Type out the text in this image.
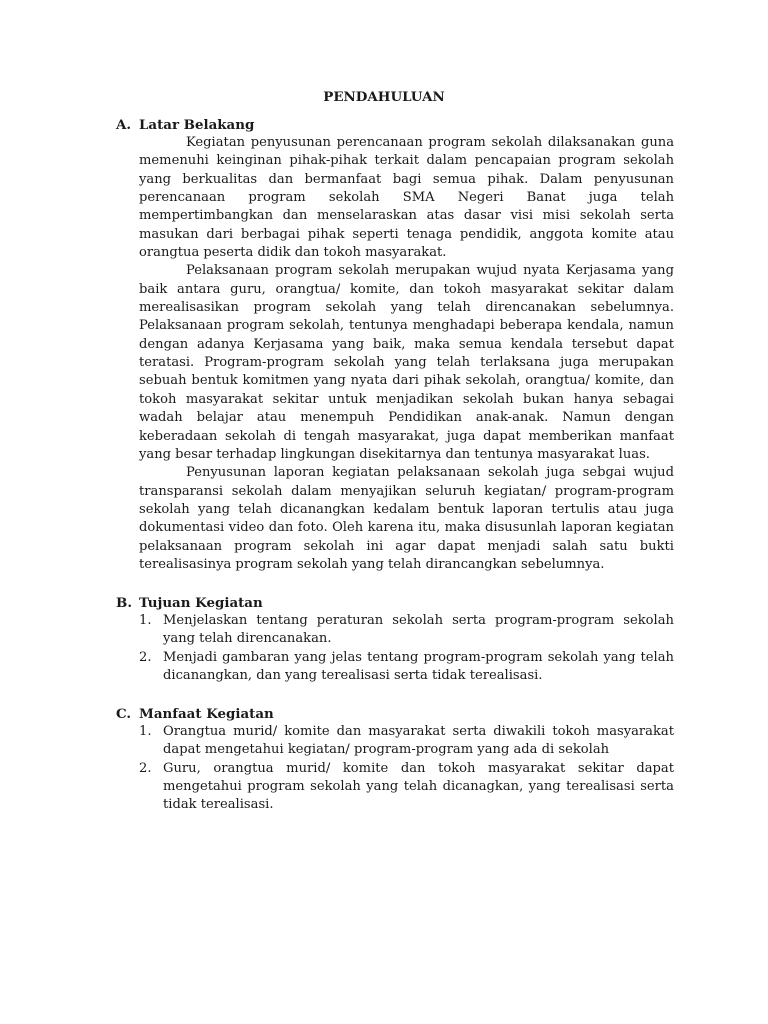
PENDAHULUAN
A. Latar Belakang

Kegiatan penyusunan perencanaan program sekolah dilaksanakan guna memenuhi keinginan pihak-pihak terkait dalam pencapaian program sekolah yang berkualitas dan bermanfaat bagi semua pihak. Dalam penyusunan perencanaan program sekolah SMA Negeri Banat juga telah mempertimbangkan dan menselaraskan atas dasar visi misi sekolah serta masukan dari berbagai pihak seperti tenaga pendidik, anggota komite atau orangtua peserta didik dan tokoh masyarakat.

Pelaksanaan program sekolah merupakan wujud nyata Kerjasama yang baik antara guru, orangtua/ komite, dan tokoh masyarakat sekitar dalam merealisasikan program sekolah yang telah direncanakan sebelumnya. Pelaksanaan program sekolah, tentunya menghadapi beberapa kendala, namun dengan adanya Kerjasama yang baik, maka semua kendala tersebut dapat teratasi. Program-program sekolah yang telah terlaksana juga merupakan sebuah bentuk komitmen yang nyata dari pihak sekolah, orangtua/ komite, dan tokoh masyarakat sekitar untuk menjadikan sekolah bukan hanya sebagai wadah belajar atau menempuh Pendidikan anak-anak. Namun dengan keberadaan sekolah di tengah masyarakat, juga dapat memberikan manfaat yang besar terhadap lingkungan disekitarnya dan tentunya masyarakat luas.

Penyusunan laporan kegiatan pelaksanaan sekolah juga sebgai wujud transparansi sekolah dalam menyajikan seluruh kegiatan/ program-program sekolah yang telah dicanangkan kedalam bentuk laporan tertulis atau juga dokumentasi video dan foto. Oleh karena itu, maka disusunlah laporan kegiatan pelaksanaan program sekolah ini agar dapat menjadi salah satu bukti terealisasinya program sekolah yang telah dirancangkan sebelumnya.

B. Tujuan Kegiatan
1. Menjelaskan tentang peraturan sekolah serta program-program sekolah yang telah direncanakan.
2. Menjadi gambaran yang jelas tentang program-program sekolah yang telah dicanangkan, dan yang terealisasi serta tidak terealisasi.
C. Manfaat Kegiatan
1. Orangtua murid/ komite dan masyarakat serta diwakili tokoh masyarakat dapat mengetahui kegiatan/ program-program yang ada di sekolah
2. Guru, orangtua murid/ komite dan tokoh masyarakat sekitar dapat mengetahui program sekolah yang telah dicanagkan, yang terealisasi serta tidak terealisasi.
